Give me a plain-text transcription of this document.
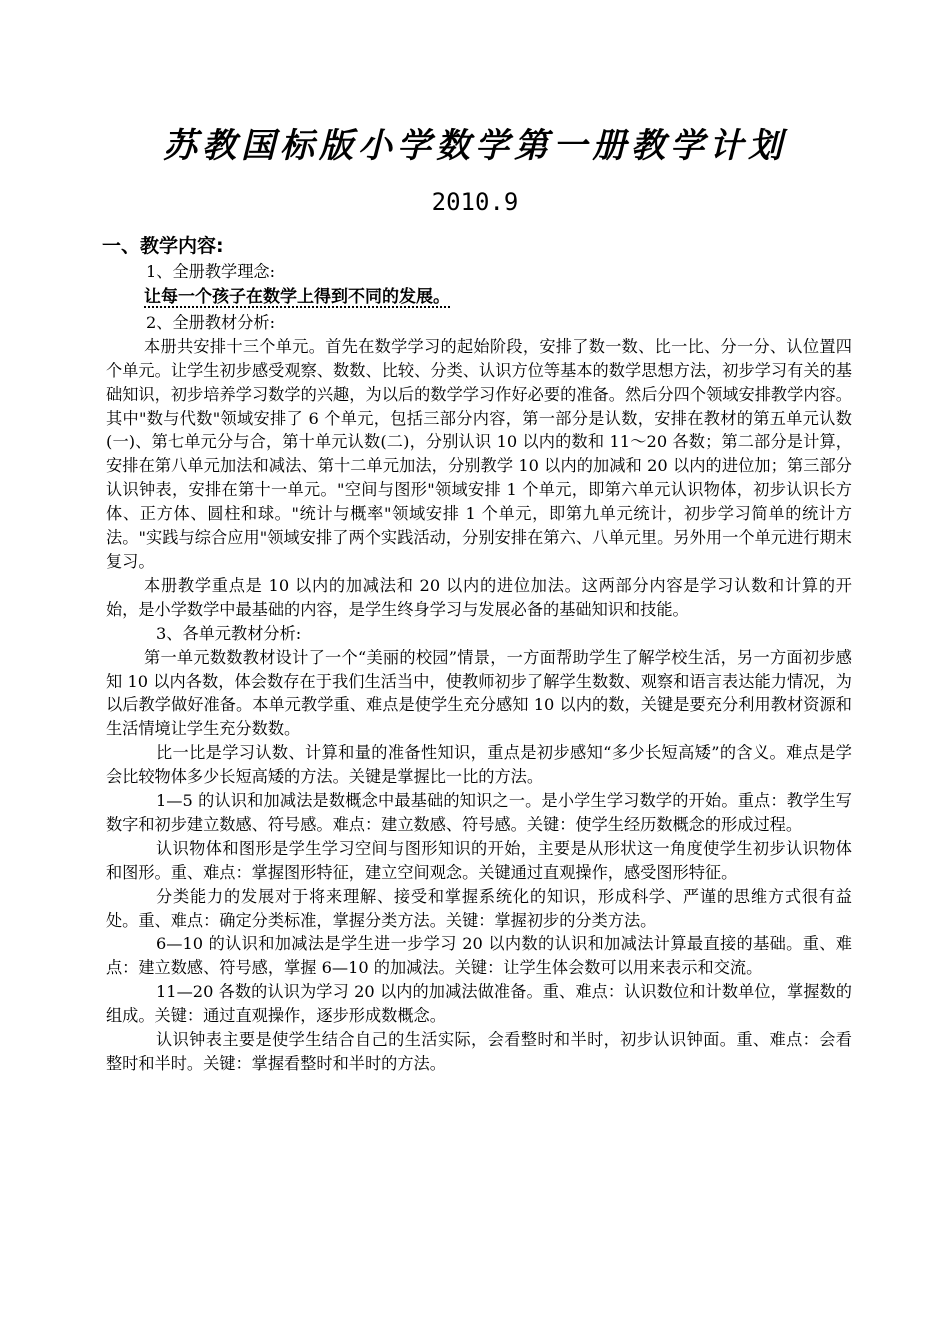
苏教国标版小学数学第一册教学计划
2010.9

一、教学内容:

1、全册教学理念:

让每一个孩子在数学上得到不同的发展。

2、全册教材分析:

本册共安排十三个单元。首先在数学学习的起始阶段，安排了数一数、比一比、分一分、认位置四个单元。让学生初步感受观察、数数、比较、分类、认识方位等基本的数学思想方法，初步学习有关的基础知识，初步培养学习数学的兴趣，为以后的数学学习作好必要的准备。然后分四个领域安排教学内容。其中"数与代数"领域安排了 6 个单元，包括三部分内容，第一部分是认数，安排在教材的第五单元认数(一)、第七单元分与合，第十单元认数(二)，分别认识 10 以内的数和 11～20 各数；第二部分是计算，安排在第八单元加法和减法、第十二单元加法，分别教学 10 以内的加减和 20 以内的进位加；第三部分认识钟表，安排在第十一单元。"空间与图形"领域安排 1 个单元，即第六单元认识物体，初步认识长方体、正方体、圆柱和球。"统计与概率"领域安排 1 个单元，即第九单元统计，初步学习简单的统计方法。"实践与综合应用"领域安排了两个实践活动，分别安排在第六、八单元里。另外用一个单元进行期末复习。

本册教学重点是 10 以内的加减法和 20 以内的进位加法。这两部分内容是学习认数和计算的开始，是小学数学中最基础的内容，是学生终身学习与发展必备的基础知识和技能。

3、各单元教材分析:

第一单元数数教材设计了一个“美丽的校园”情景，一方面帮助学生了解学校生活，另一方面初步感知 10 以内各数，体会数存在于我们生活当中，使教师初步了解学生数数、观察和语言表达能力情况，为以后教学做好准备。本单元教学重、难点是使学生充分感知 10 以内的数，关键是要充分利用教材资源和生活情境让学生充分数数。

比一比是学习认数、计算和量的准备性知识，重点是初步感知“多少长短高矮”的含义。难点是学会比较物体多少长短高矮的方法。关键是掌握比一比的方法。

1—5 的认识和加减法是数概念中最基础的知识之一。是小学生学习数学的开始。重点：教学生写数字和初步建立数感、符号感。难点：建立数感、符号感。关键：使学生经历数概念的形成过程。

认识物体和图形是学生学习空间与图形知识的开始，主要是从形状这一角度使学生初步认识物体和图形。重、难点：掌握图形特征，建立空间观念。关键通过直观操作，感受图形特征。

分类能力的发展对于将来理解、接受和掌握系统化的知识，形成科学、严谨的思维方式很有益处。重、难点：确定分类标准，掌握分类方法。关键：掌握初步的分类方法。

6—10 的认识和加减法是学生进一步学习 20 以内数的认识和加减法计算最直接的基础。重、难点：建立数感、符号感，掌握 6—10 的加减法。关键：让学生体会数可以用来表示和交流。

11—20 各数的认识为学习 20 以内的加减法做准备。重、难点：认识数位和计数单位，掌握数的组成。关键：通过直观操作，逐步形成数概念。

认识钟表主要是使学生结合自己的生活实际，会看整时和半时，初步认识钟面。重、难点：会看整时和半时。关键：掌握看整时和半时的方法。
